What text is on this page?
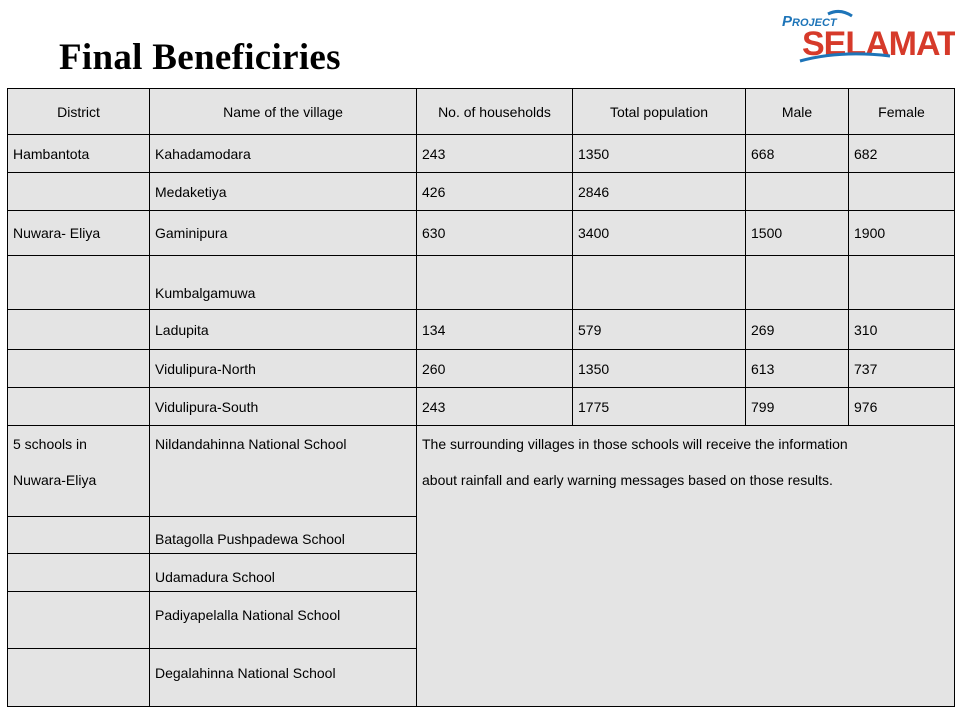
Final Beneficiries
PROJECT
SELAMAT
District	Name of the village	No. of households	Total population	Male	Female
Hambantota	Kahadamodara	243	1350	668	682
	Medaketiya	426	2846		
Nuwara- Eliya	Gaminipura	630	3400	1500	1900
	Kumbalgamuwa				
	Ladupita	134	579	269	310
	Vidulipura-North	260	1350	613	737
	Vidulipura-South	243	1775	799	976
5 schools in
Nuwara-Eliya	Nildandahinna National School	The surrounding villages in those schools will receive the information
about rainfall and early warning messages based on those results.			
	Batagolla Pushpadewa School				
	Udamadura School				
	Padiyapelalla National School				
	Degalahinna National School				
